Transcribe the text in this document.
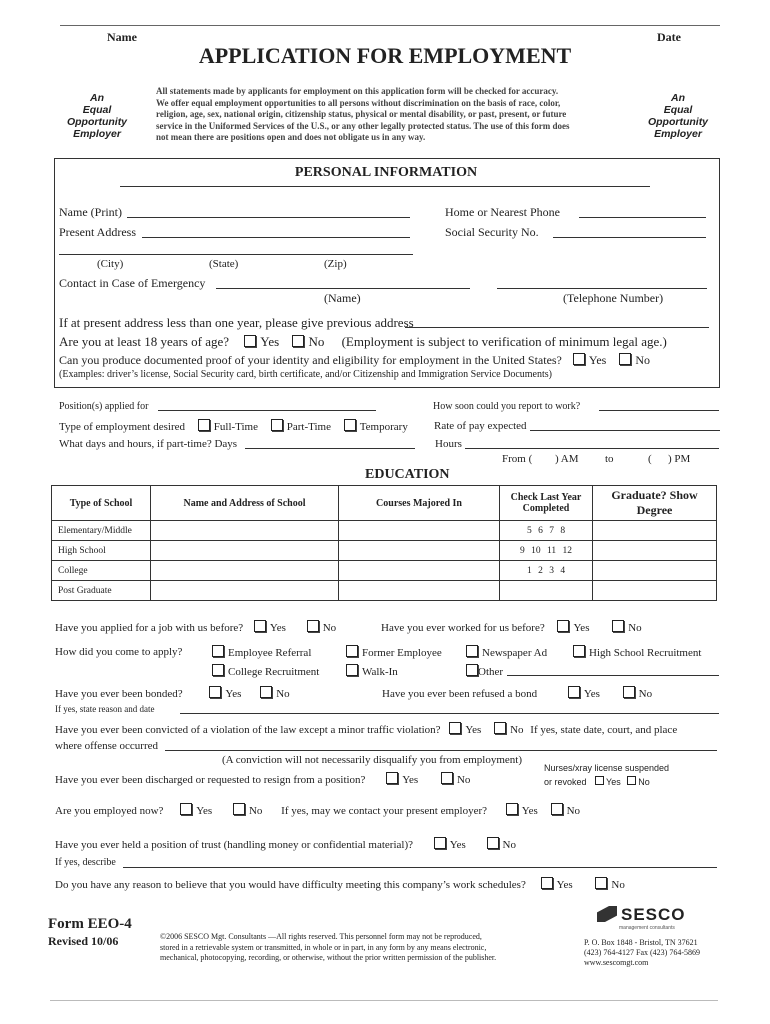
Name	Date
APPLICATION FOR EMPLOYMENT
An
Equal
Opportunity
Employer
An
Equal
Opportunity
Employer
All statements made by applicants for employment on this application form will be checked for accuracy.
We offer equal employment opportunities to all persons without discrimination on the basis of race, color,
religion, age, sex, national origin, citizenship status, physical or mental disability, or past, present, or future
service in the Uniformed Services of the U.S., or any other legally protected status. The use of this form does
not mean there are positions open and does not obligate us in any way.
PERSONAL INFORMATION
Name (Print)	Home or Nearest Phone
Present Address	Social Security No.
(City)	(State)	(Zip)
Contact in Case of Emergency
(Name)	(Telephone Number)
If at present address less than one year, please give previous address
Are you at least 18 years of age? Yes No (Employment is subject to verification of minimum legal age.)
Can you produce documented proof of your identity and eligibility for employment in the United States? Yes No
(Examples: driver’s license, Social Security card, birth certificate, and/or Citizenship and Immigration Service Documents)
Position(s) applied for	How soon could you report to work?
Type of employment desired	Full-Time	Part-Time	Temporary Rate of pay expected
What days and hours, if part-time? Days	Hours
From ( ) AM to	( ) PM
EDUCATION
Type of School	Name and Address of School	Courses Majored In	Check Last Year Completed	Graduate? Show Degree
Elementary/Middle			5 6 7 8	
High School			9 10 11 12	
College			1 2 3 4	
Post Graduate				
Have you applied for a job with us before? Yes	No	Have you ever worked for us before?	Yes	No
How did you come to apply?	Employee Referral	Former Employee	Newspaper Ad	High School Recruitment
College Recruitment	Walk-In	Other
Have you ever been bonded?	Yes	No	Have you ever been refused a bond	Yes	No
If yes, state reason and date
Have you ever been convicted of a violation of the law except a minor traffic violation? Yes	No If yes, state date, court, and place
where offense occurred
(A conviction will not necessarily disqualify you from employment)
Nurses/xray license suspended
or revoked Yes No
Have you ever been discharged or requested to resign from a position?	Yes	No
Are you employed now?	Yes	No If yes, may we contact your present employer?	Yes	No
Have you ever held a position of trust (handling money or confidential material)?	Yes	No
If yes, describe
Do you have any reason to believe that you would have difficulty meeting this company’s work schedules?	Yes	No
Form EEO-4
Revised 10/06	©2006 SESCO Mgt. Consultants —All rights reserved. This personnel form may not be reproduced,
stored in a retrievable system or transmitted, in whole or in part, in any form by any means electronic,
mechanical, photocopying, recording, or otherwise, without the prior written permission of the publisher.
SESCO
management consultants
P. O. Box 1848 - Bristol, TN 37621
(423) 764-4127 Fax (423) 764-5869
www.sescomgt.com
